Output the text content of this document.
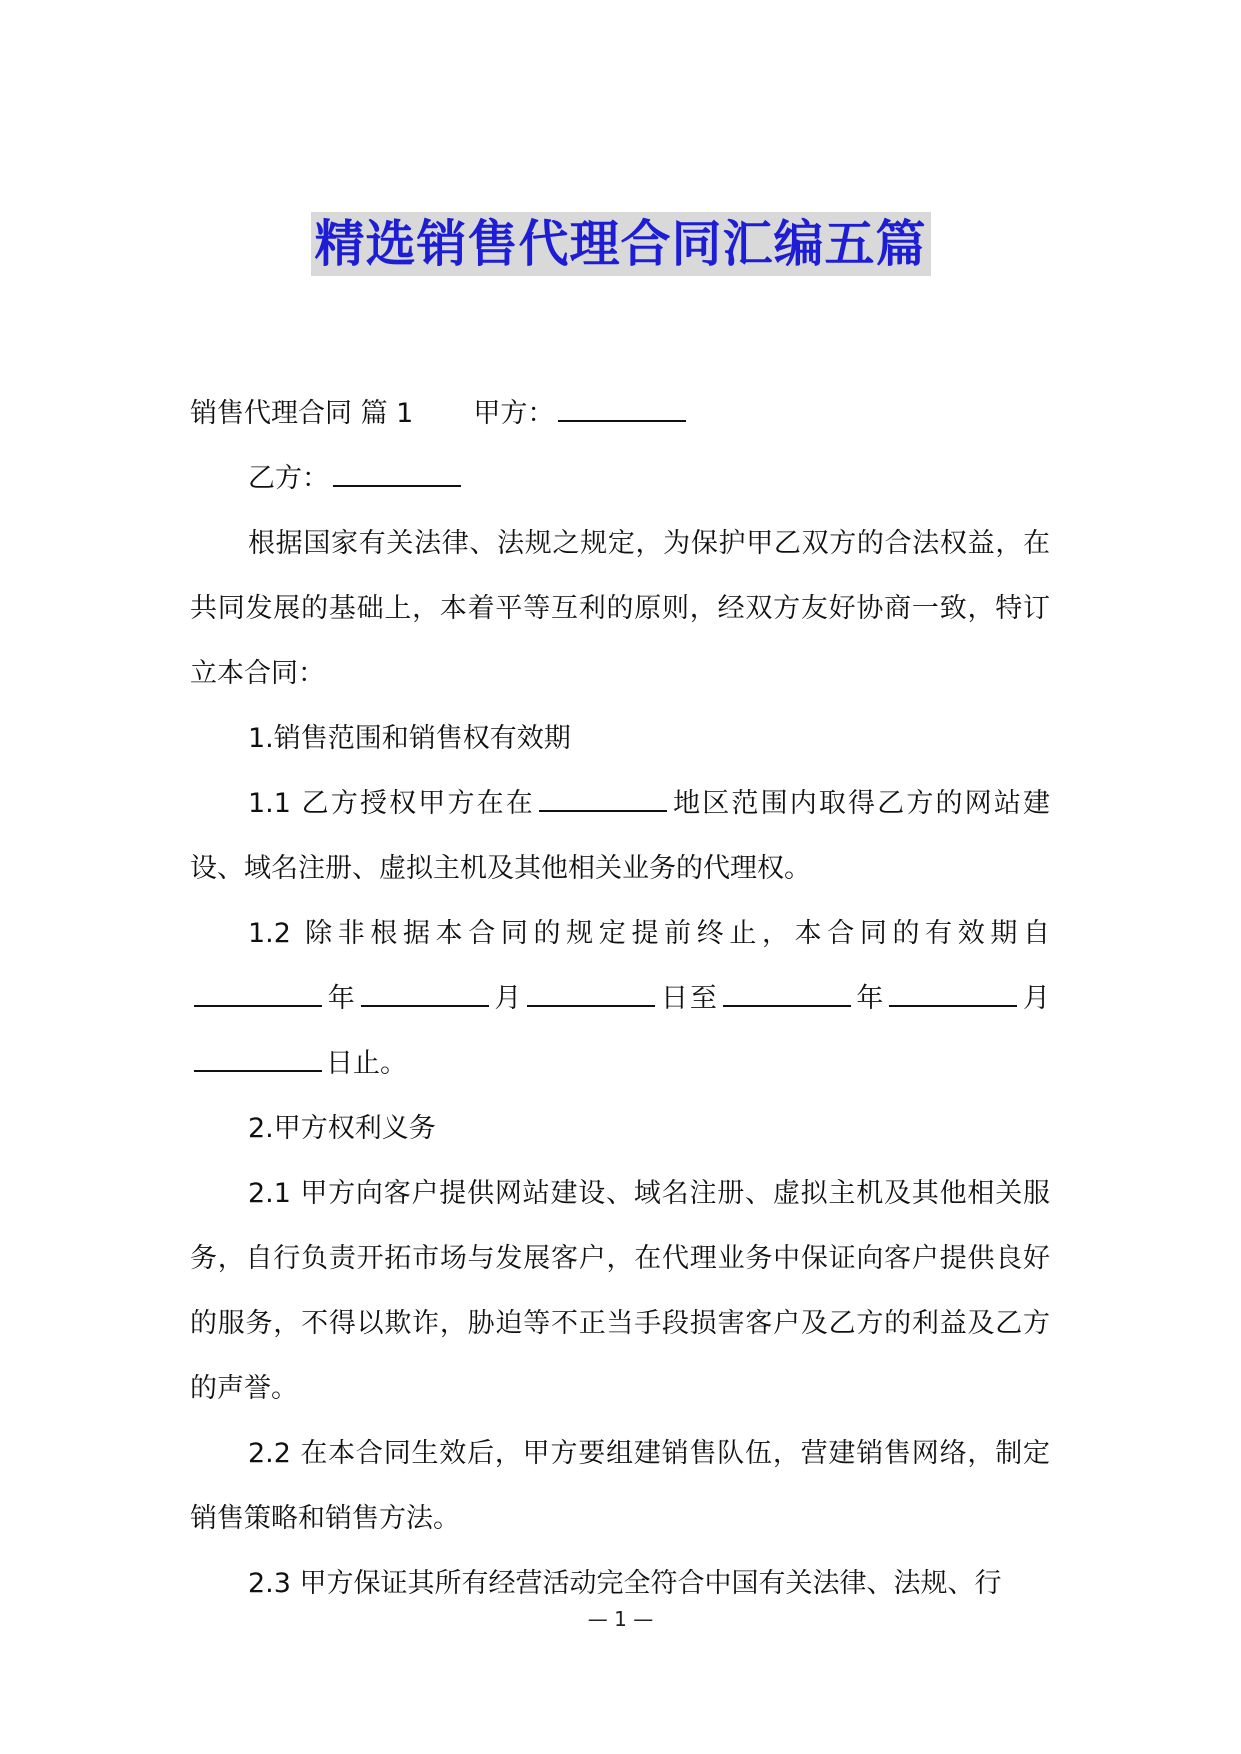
精选销售代理合同汇编五篇

销售代理合同 篇 1 甲方：

乙方：

根据国家有关法律、法规之规定，为保护甲乙双方的合法权益，在共同发展的基础上，本着平等互利的原则，经双方友好协商一致，特订立本合同：

1.销售范围和销售权有效期

1.1 乙方授权甲方在在	地区范围内取得乙方的网站建设、域名注册、虚拟主机及其他相关业务的代理权。

1.2 除非根据本合同的规定提前终止，本合同的有效期自年	月	日至	年	月日止。

2.甲方权利义务

2.1 甲方向客户提供网站建设、域名注册、虚拟主机及其他相关服务，自行负责开拓市场与发展客户，在代理业务中保证向客户提供良好的服务，不得以欺诈，胁迫等不正当手段损害客户及乙方的利益及乙方的声誉。

2.2 在本合同生效后，甲方要组建销售队伍，营建销售网络，制定销售策略和销售方法。

2.3 甲方保证其所有经营活动完全符合中国有关法律、法规、行

— 1 —
